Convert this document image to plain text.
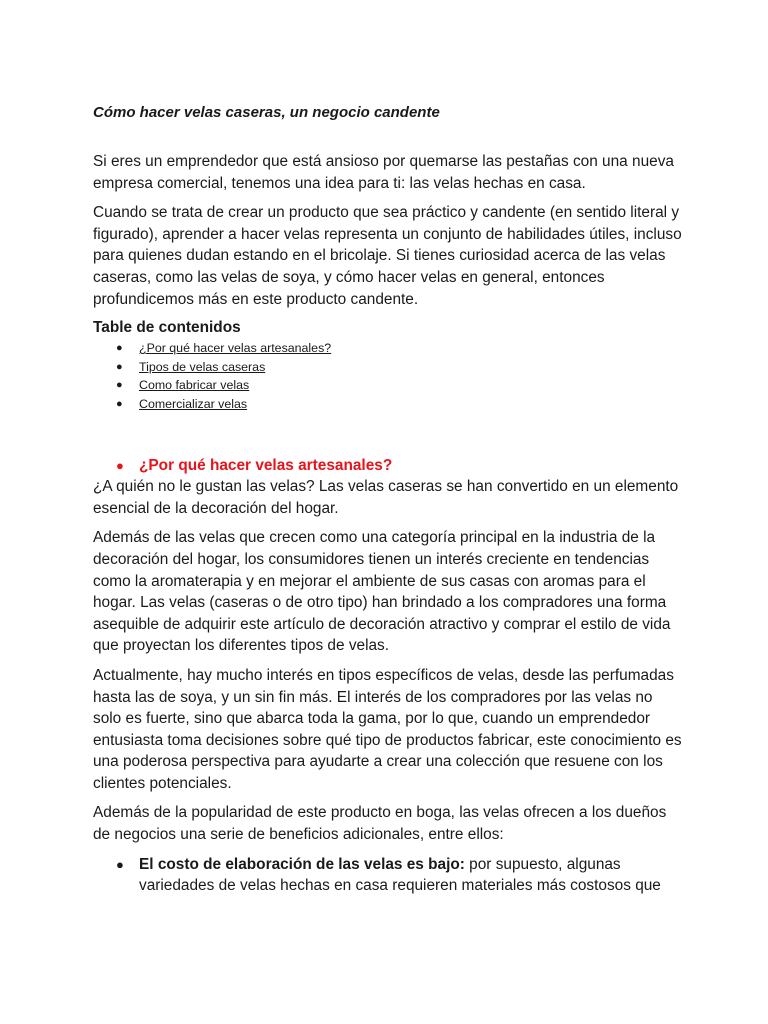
Cómo hacer velas caseras, un negocio candente

Si eres un emprendedor que está ansioso por quemarse las pestañas con una nueva empresa comercial, tenemos una idea para ti: las velas hechas en casa.

Cuando se trata de crear un producto que sea práctico y candente (en sentido literal y figurado), aprender a hacer velas representa un conjunto de habilidades útiles, incluso para quienes dudan estando en el bricolaje. Si tienes curiosidad acerca de las velas caseras, como las velas de soya, y cómo hacer velas en general, entonces profundicemos más en este producto candente.

Table de contenidos
● ¿Por qué hacer velas artesanales?
● Tipos de velas caseras
● Como fabricar velas
● Comercializar velas
● ¿Por qué hacer velas artesanales?

¿A quién no le gustan las velas? Las velas caseras se han convertido en un elemento esencial de la decoración del hogar.

Además de las velas que crecen como una categoría principal en la industria de la decoración del hogar, los consumidores tienen un interés creciente en tendencias como la aromaterapia y en mejorar el ambiente de sus casas con aromas para el hogar. Las velas (caseras o de otro tipo) han brindado a los compradores una forma asequible de adquirir este artículo de decoración atractivo y comprar el estilo de vida que proyectan los diferentes tipos de velas.

Actualmente, hay mucho interés en tipos específicos de velas, desde las perfumadas hasta las de soya, y un sin fin más. El interés de los compradores por las velas no solo es fuerte, sino que abarca toda la gama, por lo que, cuando un emprendedor entusiasta toma decisiones sobre qué tipo de productos fabricar, este conocimiento es una poderosa perspectiva para ayudarte a crear una colección que resuene con los clientes potenciales.

Además de la popularidad de este producto en boga, las velas ofrecen a los dueños de negocios una serie de beneficios adicionales, entre ellos:

● El costo de elaboración de las velas es bajo: por supuesto, algunas variedades de velas hechas en casa requieren materiales más costosos que
